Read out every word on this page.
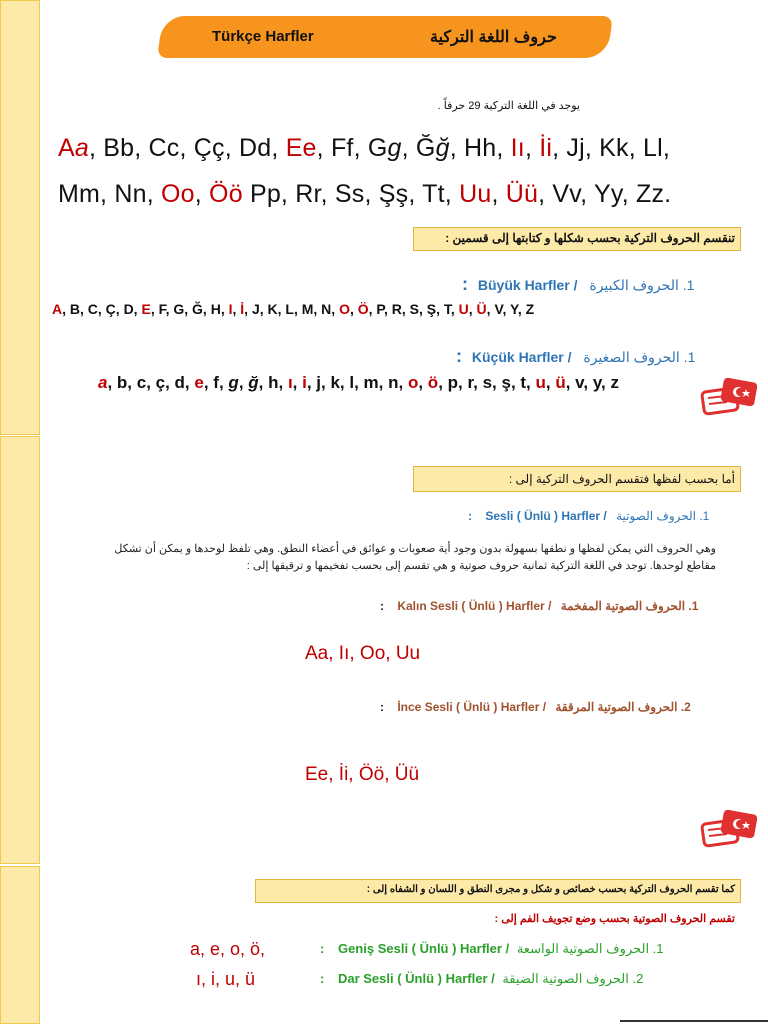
Türkçe Harfler	حروف اللغة التركية
يوجد في اللغة التركية 29 حرفاً .
Aa, Bb, Cc, Çç, Dd, Ee, Ff, Gg, Ğğ, Hh, Iı, İi, Jj, Kk, Ll,
Mm, Nn, Oo, Öö Pp, Rr, Ss, Şş, Tt, Uu, Üü, Vv, Yy, Zz.
تنقسم الحروف التركية بحسب شكلها و كتابتها إلى قسمين :
: Büyük Harfler / 1. الحروف الكبيرة
A, B, C, Ç, D, E, F, G, Ğ, H, I, İ, J, K, L, M, N, O, Ö, P, R, S, Ş, T, U, Ü, V, Y, Z
: Küçük Harfler / 1. الحروف الصغيرة
a, b, c, ç, d, e, f, g, ğ, h, ı, i, j, k, l, m, n, o, ö, p, r, s, ş, t, u, ü, v, y, z
أما بحسب لفظها فتقسم الحروف التركية إلى :
: Sesli ( Ünlü ) Harfler / 1. الحروف الصوتية
وهي الحروف التي يمكن لفظها و نطقها بسهولة بدون وجود أية صعوبات و عوائق في أعضاء النطق. وهي تلفظ لوحدها و يمكن أن تشكل
مقاطع لوحدها. توجد في اللغة التركية ثمانية حروف صوتية و هي تقسم إلى بحسب تفخيمها و ترقيقها إلى :
: Kalın Sesli ( Ünlü ) Harfler / 1. الحروف الصوتية المفخمة
Aa, Iı, Oo, Uu
: İnce Sesli ( Ünlü ) Harfler / 2. الحروف الصوتية المرققة
Ee, İi, Öö, Üü
كما تقسم الحروف التركية بحسب خصائص و شكل و مجرى النطق و اللسان و الشفاه إلى :
تقسم الحروف الصوتية بحسب وضع تجويف الفم إلى :
a, e, o, ö,	: Geniş Sesli ( Ünlü ) Harfler / 1. الحروف الصوتية الواسعة
ı, i, u, ü	: Dar Sesli ( Ünlü ) Harfler / 2. الحروف الصوتية الضيقة
